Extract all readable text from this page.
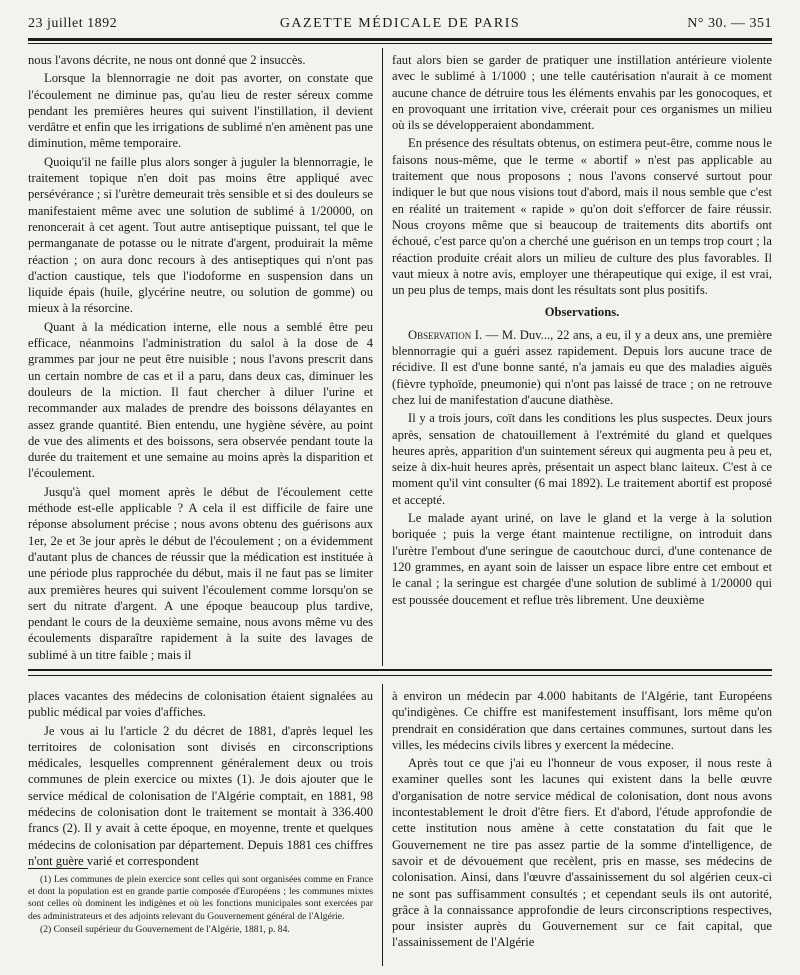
23 juillet 1892	GAZETTE MÉDICALE DE PARIS	N° 30. — 351

nous l'avons décrite, ne nous ont donné que 2 insuccès.

Lorsque la blennorragie ne doit pas avorter, on constate que l'écoulement ne diminue pas, qu'au lieu de rester séreux comme pendant les premières heures qui suivent l'instillation, il devient verdâtre et enfin que les irrigations de sublimé n'en amènent pas une diminution, même temporaire.

Quoiqu'il ne faille plus alors songer à juguler la blennorragie, le traitement topique n'en doit pas moins être appliqué avec persévérance ; si l'urètre demeurait très sensible et si des douleurs se manifestaient même avec une solution de sublimé à 1/20000, on renoncerait à cet agent. Tout autre antiseptique puissant, tel que le permanganate de potasse ou le nitrate d'argent, produirait la même réaction ; on aura donc recours à des antiseptiques qui n'ont pas d'action caustique, tels que l'iodoforme en suspension dans un liquide épais (huile, glycérine neutre, ou solution de gomme) ou mieux à la résorcine.

Quant à la médication interne, elle nous a semblé être peu efficace, néanmoins l'administration du salol à la dose de 4 grammes par jour ne peut être nuisible ; nous l'avons prescrit dans un certain nombre de cas et il a paru, dans deux cas, diminuer les douleurs de la miction. Il faut chercher à diluer l'urine et recommander aux malades de prendre des boissons délayantes en assez grande quantité. Bien entendu, une hygiène sévère, au point de vue des aliments et des boissons, sera observée pendant toute la durée du traitement et une semaine au moins après la disparition et l'écoulement.

Jusqu'à quel moment après le début de l'écoulement cette méthode est-elle applicable ? A cela il est difficile de faire une réponse absolument précise ; nous avons obtenu des guérisons aux 1er, 2e et 3e jour après le début de l'écoulement ; on a évidemment d'autant plus de chances de réussir que la médication est instituée à une période plus rapprochée du début, mais il ne faut pas se limiter aux premières heures qui suivent l'écoulement comme lorsqu'on se sert du nitrate d'argent. A une époque beaucoup plus tardive, pendant le cours de la deuxième semaine, nous avons même vu des écoulements disparaître rapidement à la suite des lavages de sublimé à un titre faible ; mais il

faut alors bien se garder de pratiquer une instillation antérieure violente avec le sublimé à 1/1000 ; une telle cautérisation n'aurait à ce moment aucune chance de détruire tous les éléments envahis par les gonocoques, et en provoquant une irritation vive, créerait pour ces organismes un milieu où ils se développeraient abondamment.

En présence des résultats obtenus, on estimera peut-être, comme nous le faisons nous-même, que le terme « abortif » n'est pas applicable au traitement que nous proposons ; nous l'avons conservé surtout pour indiquer le but que nous visions tout d'abord, mais il nous semble que c'est en réalité un traitement « rapide » qu'on doit s'efforcer de faire réussir. Nous croyons même que si beaucoup de traitements dits abortifs ont échoué, c'est parce qu'on a cherché une guérison en un temps trop court ; la réaction produite créait alors un milieu de culture des plus favorables. Il vaut mieux à notre avis, employer une thérapeutique qui exige, il est vrai, un peu plus de temps, mais dont les résultats sont plus positifs.

Observations.

Observation I. — M. Duv..., 22 ans, a eu, il y a deux ans, une première blennorragie qui a guéri assez rapidement. Depuis lors aucune trace de récidive. Il est d'une bonne santé, n'a jamais eu que des maladies aiguës (fièvre typhoïde, pneumonie) qui n'ont pas laissé de trace ; on ne retrouve chez lui de manifestation d'aucune diathèse.

Il y a trois jours, coït dans les conditions les plus suspectes. Deux jours après, sensation de chatouillement à l'extrémité du gland et quelques heures après, apparition d'un suintement séreux qui augmenta peu à peu et, seize à dix-huit heures après, présentait un aspect blanc laiteux. C'est à ce moment qu'il vint consulter (6 mai 1892). Le traitement abortif est proposé et accepté.

Le malade ayant uriné, on lave le gland et la verge à la solution boriquée ; puis la verge étant maintenue rectiligne, on introduit dans l'urètre l'embout d'une seringue de caoutchouc durci, d'une contenance de 120 grammes, en ayant soin de laisser un espace libre entre cet embout et le canal ; la seringue est chargée d'une solution de sublimé à 1/20000 qui est poussée doucement et reflue très librement. Une deuxième

places vacantes des médecins de colonisation étaient signalées au public médical par voies d'affiches.

Je vous ai lu l'article 2 du décret de 1881, d'après lequel les territoires de colonisation sont divisés en circonscriptions médicales, lesquelles comprennent généralement deux ou trois communes de plein exercice ou mixtes (1). Je dois ajouter que le service médical de colonisation de l'Algérie comptait, en 1881, 98 médecins de colonisation dont le traitement se montait à 336.400 francs (2). Il y avait à cette époque, en moyenne, trente et quelques médecins de colonisation par département. Depuis 1881 ces chiffres n'ont guère varié et correspondent

à environ un médecin par 4.000 habitants de l'Algérie, tant Européens qu'indigènes. Ce chiffre est manifestement insuffisant, lors même qu'on prendrait en considération que dans certaines communes, surtout dans les villes, les médecins civils libres y exercent la médecine.

Après tout ce que j'ai eu l'honneur de vous exposer, il nous reste à examiner quelles sont les lacunes qui existent dans la belle œuvre d'organisation de notre service médical de colonisation, dont nous avons incontestablement le droit d'être fiers. Et d'abord, l'étude approfondie de cette institution nous amène à cette constatation du fait que le Gouvernement ne tire pas assez partie de la somme d'intelligence, de savoir et de dévouement que recèlent, pris en masse, ses médecins de colonisation. Ainsi, dans l'œuvre d'assainissement du sol algérien ceux-ci ne sont pas suffisamment consultés ; et cependant seuls ils ont autorité, grâce à la connaissance approfondie de leurs circonscriptions respectives, pour insister auprès du Gouvernement sur ce fait capital, que l'assainissement de l'Algérie

(1) Les communes de plein exercice sont celles qui sont organisées comme en France et dont la population est en grande partie composée d'Européens ; les communes mixtes sont celles où dominent les indigènes et où les fonctions municipales sont exercées par des administrateurs et des adjoints relevant du Gouvernement général de l'Algérie.

(2) Conseil supérieur du Gouvernement de l'Algérie, 1881, p. 84.
